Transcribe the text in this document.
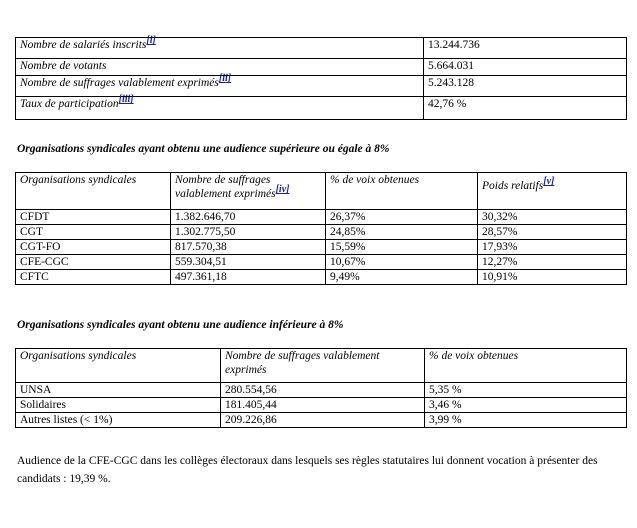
Nombre de salariés inscrits[i]	13.244.736
Nombre de votants	5.664.031
Nombre de suffrages valablement exprimés[ii]	5.243.128
Taux de participation[iii]	42,76 %
Organisations syndicales ayant obtenu une audience supérieure ou égale à 8%
Organisations syndicales	Nombre de suffrages valablement exprimés[iv]	% de voix obtenues	Poids relatifs[v]
CFDT	1.382.646,70	26,37%	30,32%
CGT	1.302.775,50	24,85%	28,57%
CGT-FO	817.570,38	15,59%	17,93%
CFE-CGC	559.304,51	10,67%	12,27%
CFTC	497.361,18	9,49%	10,91%
Organisations syndicales ayant obtenu une audience inférieure à 8%
Organisations syndicales	Nombre de suffrages valablement exprimés	% de voix obtenues
UNSA	280.554,56	5,35 %
Solidaires	181.405,44	3,46 %
Autres listes (< 1%)	209.226,86	3,99 %

Audience de la CFE-CGC dans les collèges électoraux dans lesquels ses règles statutaires lui donnent vocation à présenter des candidats : 19,39 %.
